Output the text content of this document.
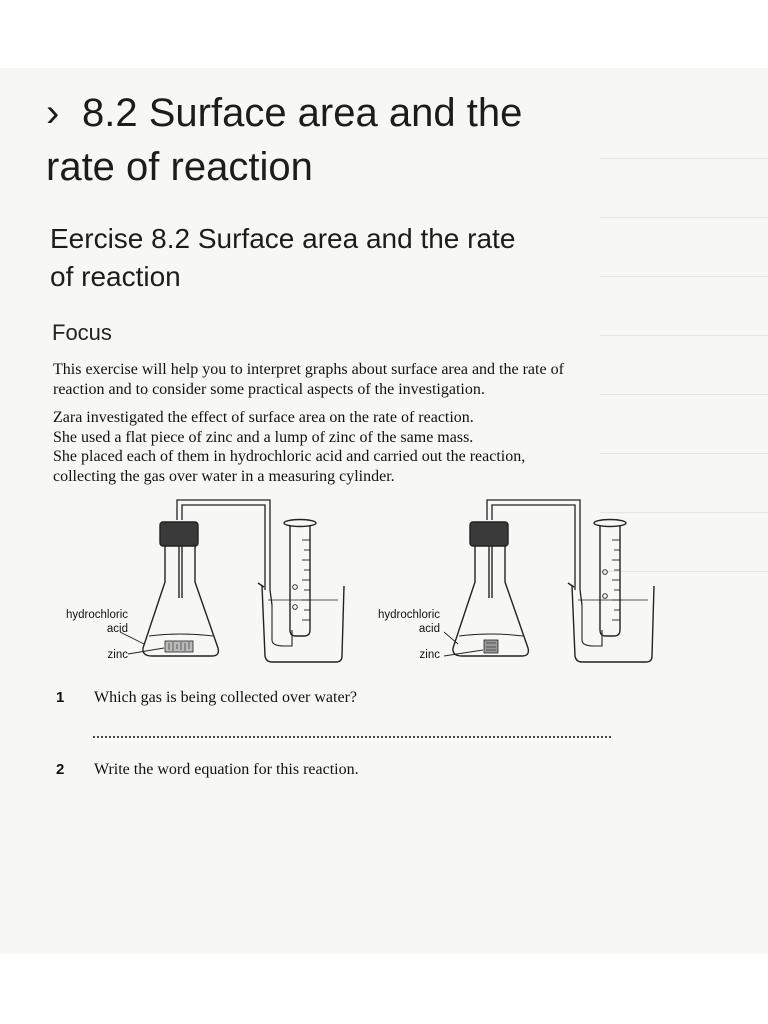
› 8.2 Surface area and the
rate of reaction
Eercise 8.2 Surface area and the rate
of reaction
Focus

This exercise will help you to interpret graphs about surface area and the rate of reaction and to consider some practical aspects of the investigation.

Zara investigated the effect of surface area on the rate of reaction.

She used a flat piece of zinc and a lump of zinc of the same mass.

She placed each of them in hydrochloric acid and carried out the reaction,

collecting the gas over water in a measuring cylinder.

hydrochloric
acid
zinc
hydrochloric
acid
zinc
1 Which gas is being collected over water?
2 Write the word equation for this reaction.
